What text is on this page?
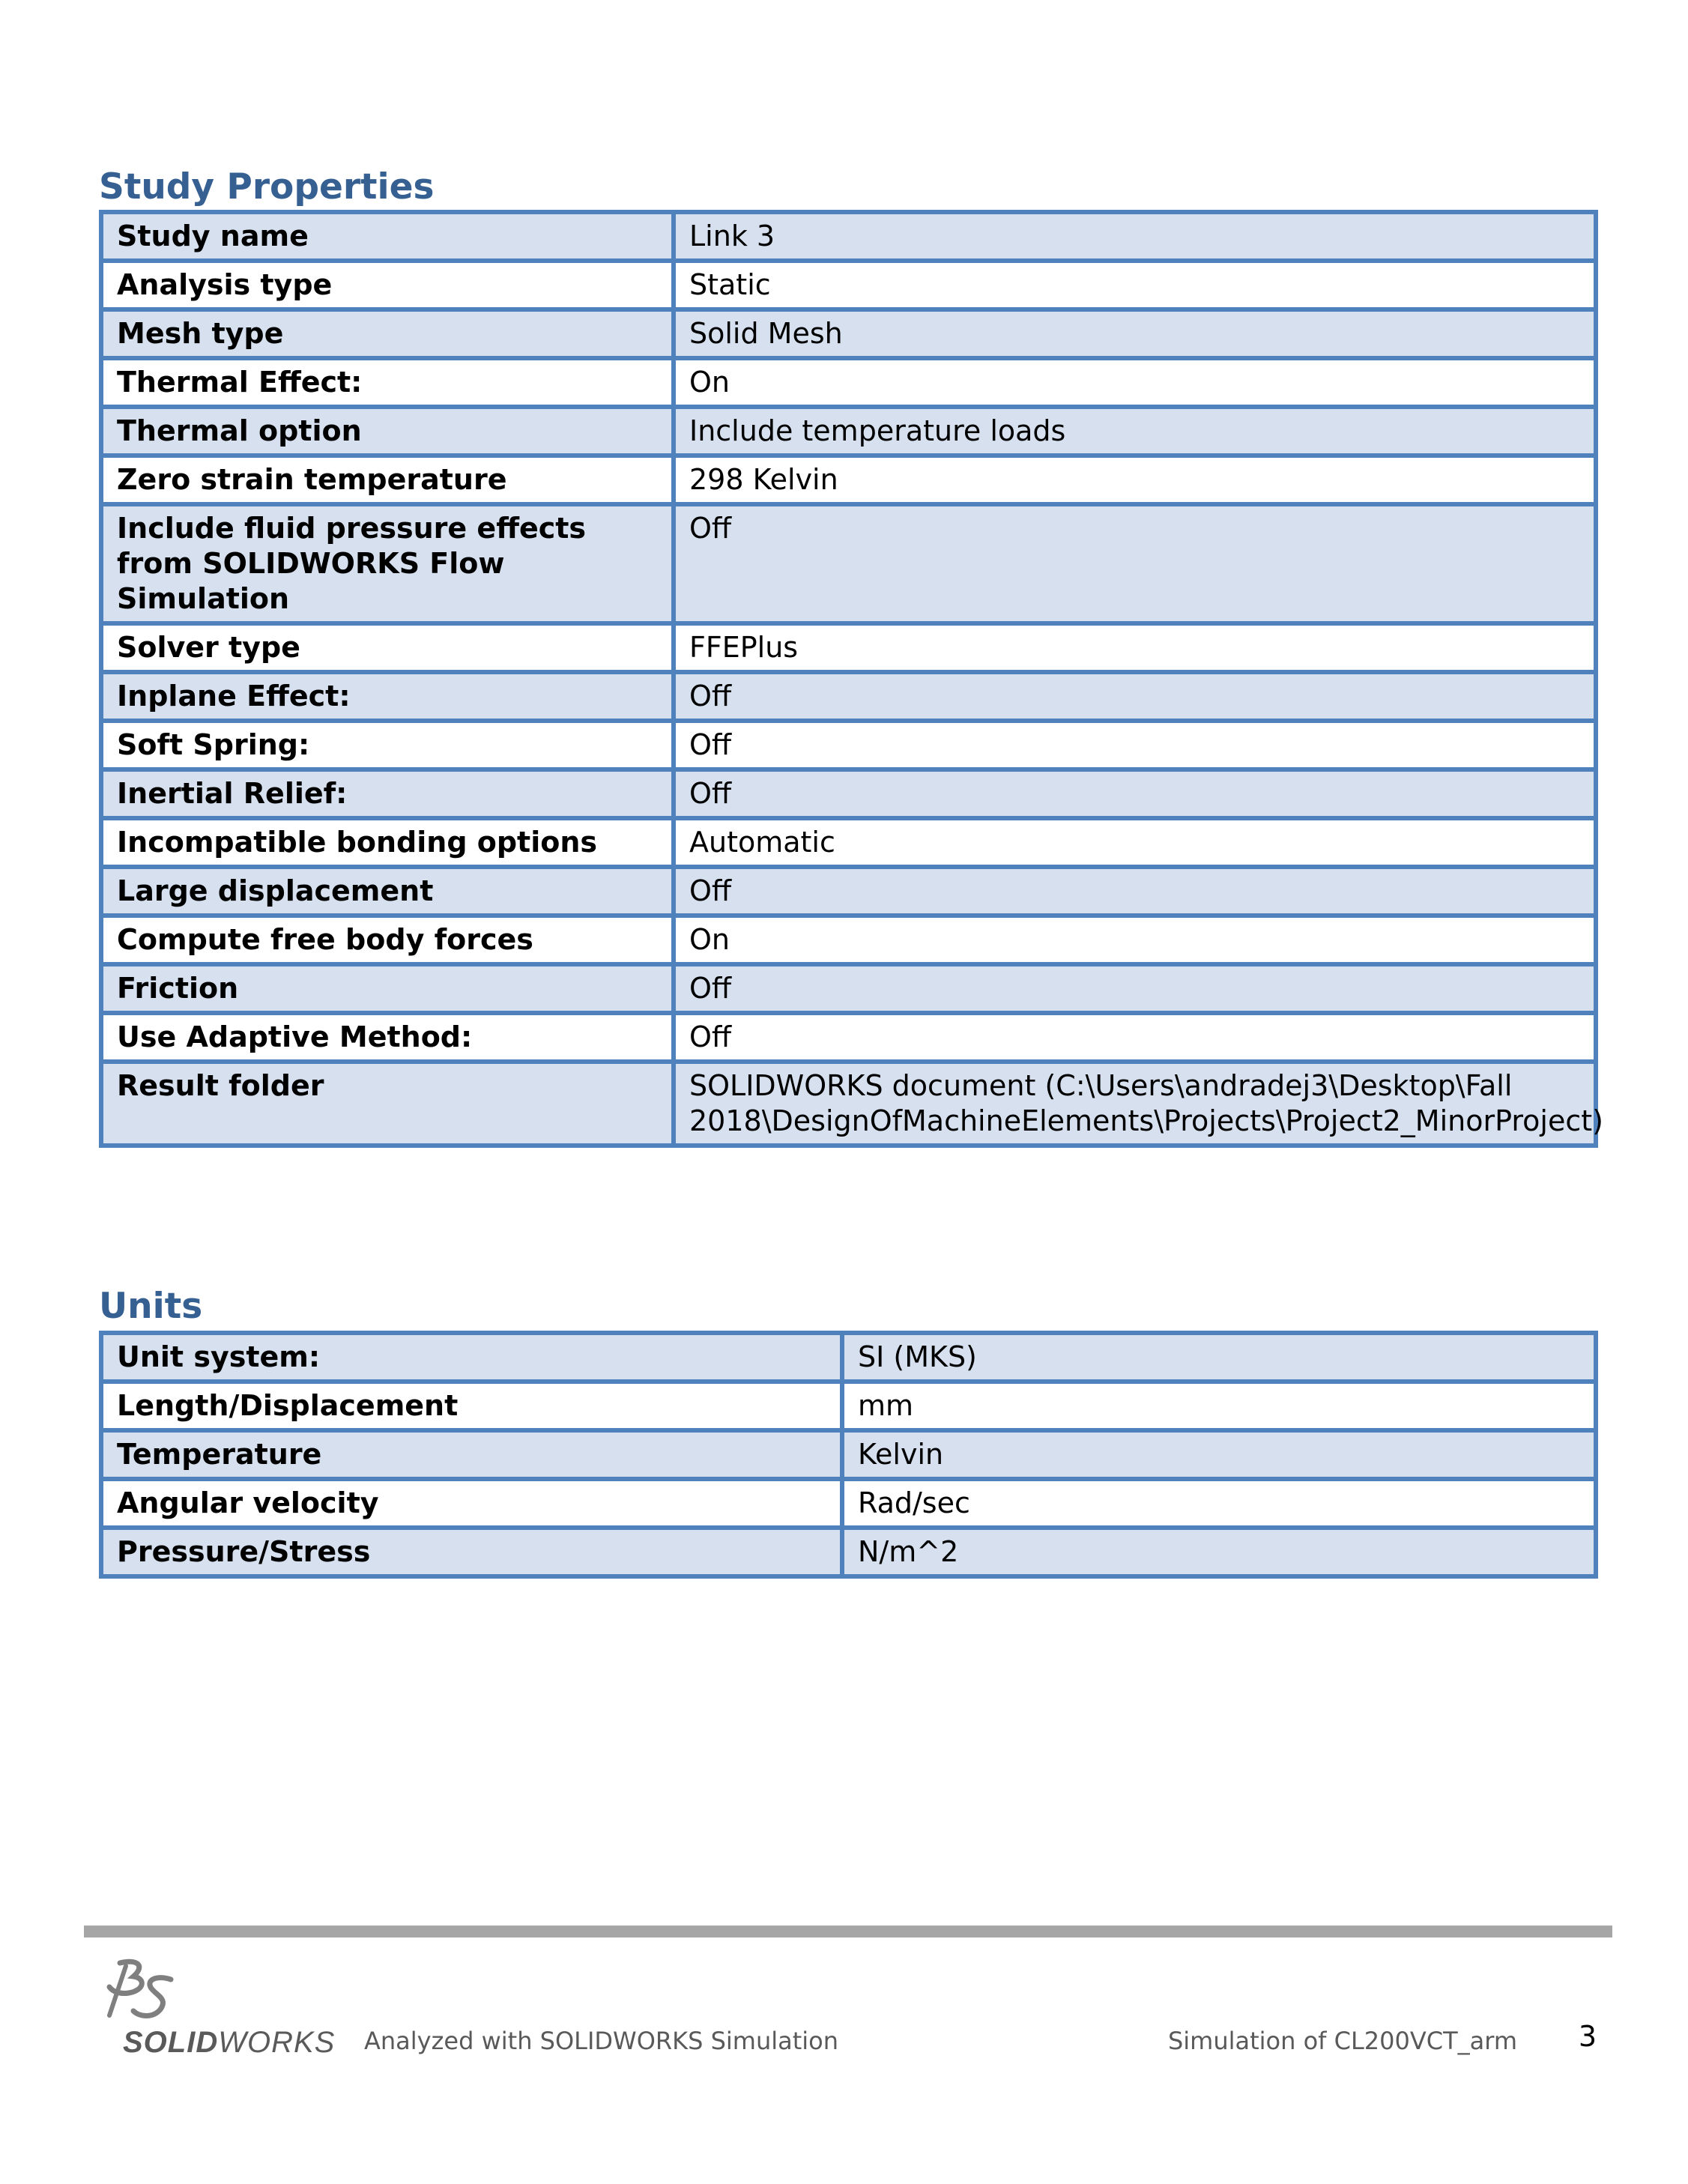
Study Properties
Study name	Link 3
Analysis type	Static
Mesh type	Solid Mesh
Thermal Effect:	On
Thermal option	Include temperature loads
Zero strain temperature	298 Kelvin
Include fluid pressure effects from SOLIDWORKS Flow Simulation	Off
Solver type	FFEPlus
Inplane Effect:	Off
Soft Spring:	Off
Inertial Relief:	Off
Incompatible bonding options	Automatic
Large displacement	Off
Compute free body forces	On
Friction	Off
Use Adaptive Method:	Off
Result folder	SOLIDWORKS document (C:\Users\andradej3\Desktop\Fall 2018\DesignOfMachineElements\Projects\Project2_MinorProject)
Units
Unit system:	SI (MKS)
Length/Displacement	mm
Temperature	Kelvin
Angular velocity	Rad/sec
Pressure/Stress	N/m^2
SOLIDWORKS Analyzed with SOLIDWORKS Simulation	Simulation of CL200VCT_arm 3
